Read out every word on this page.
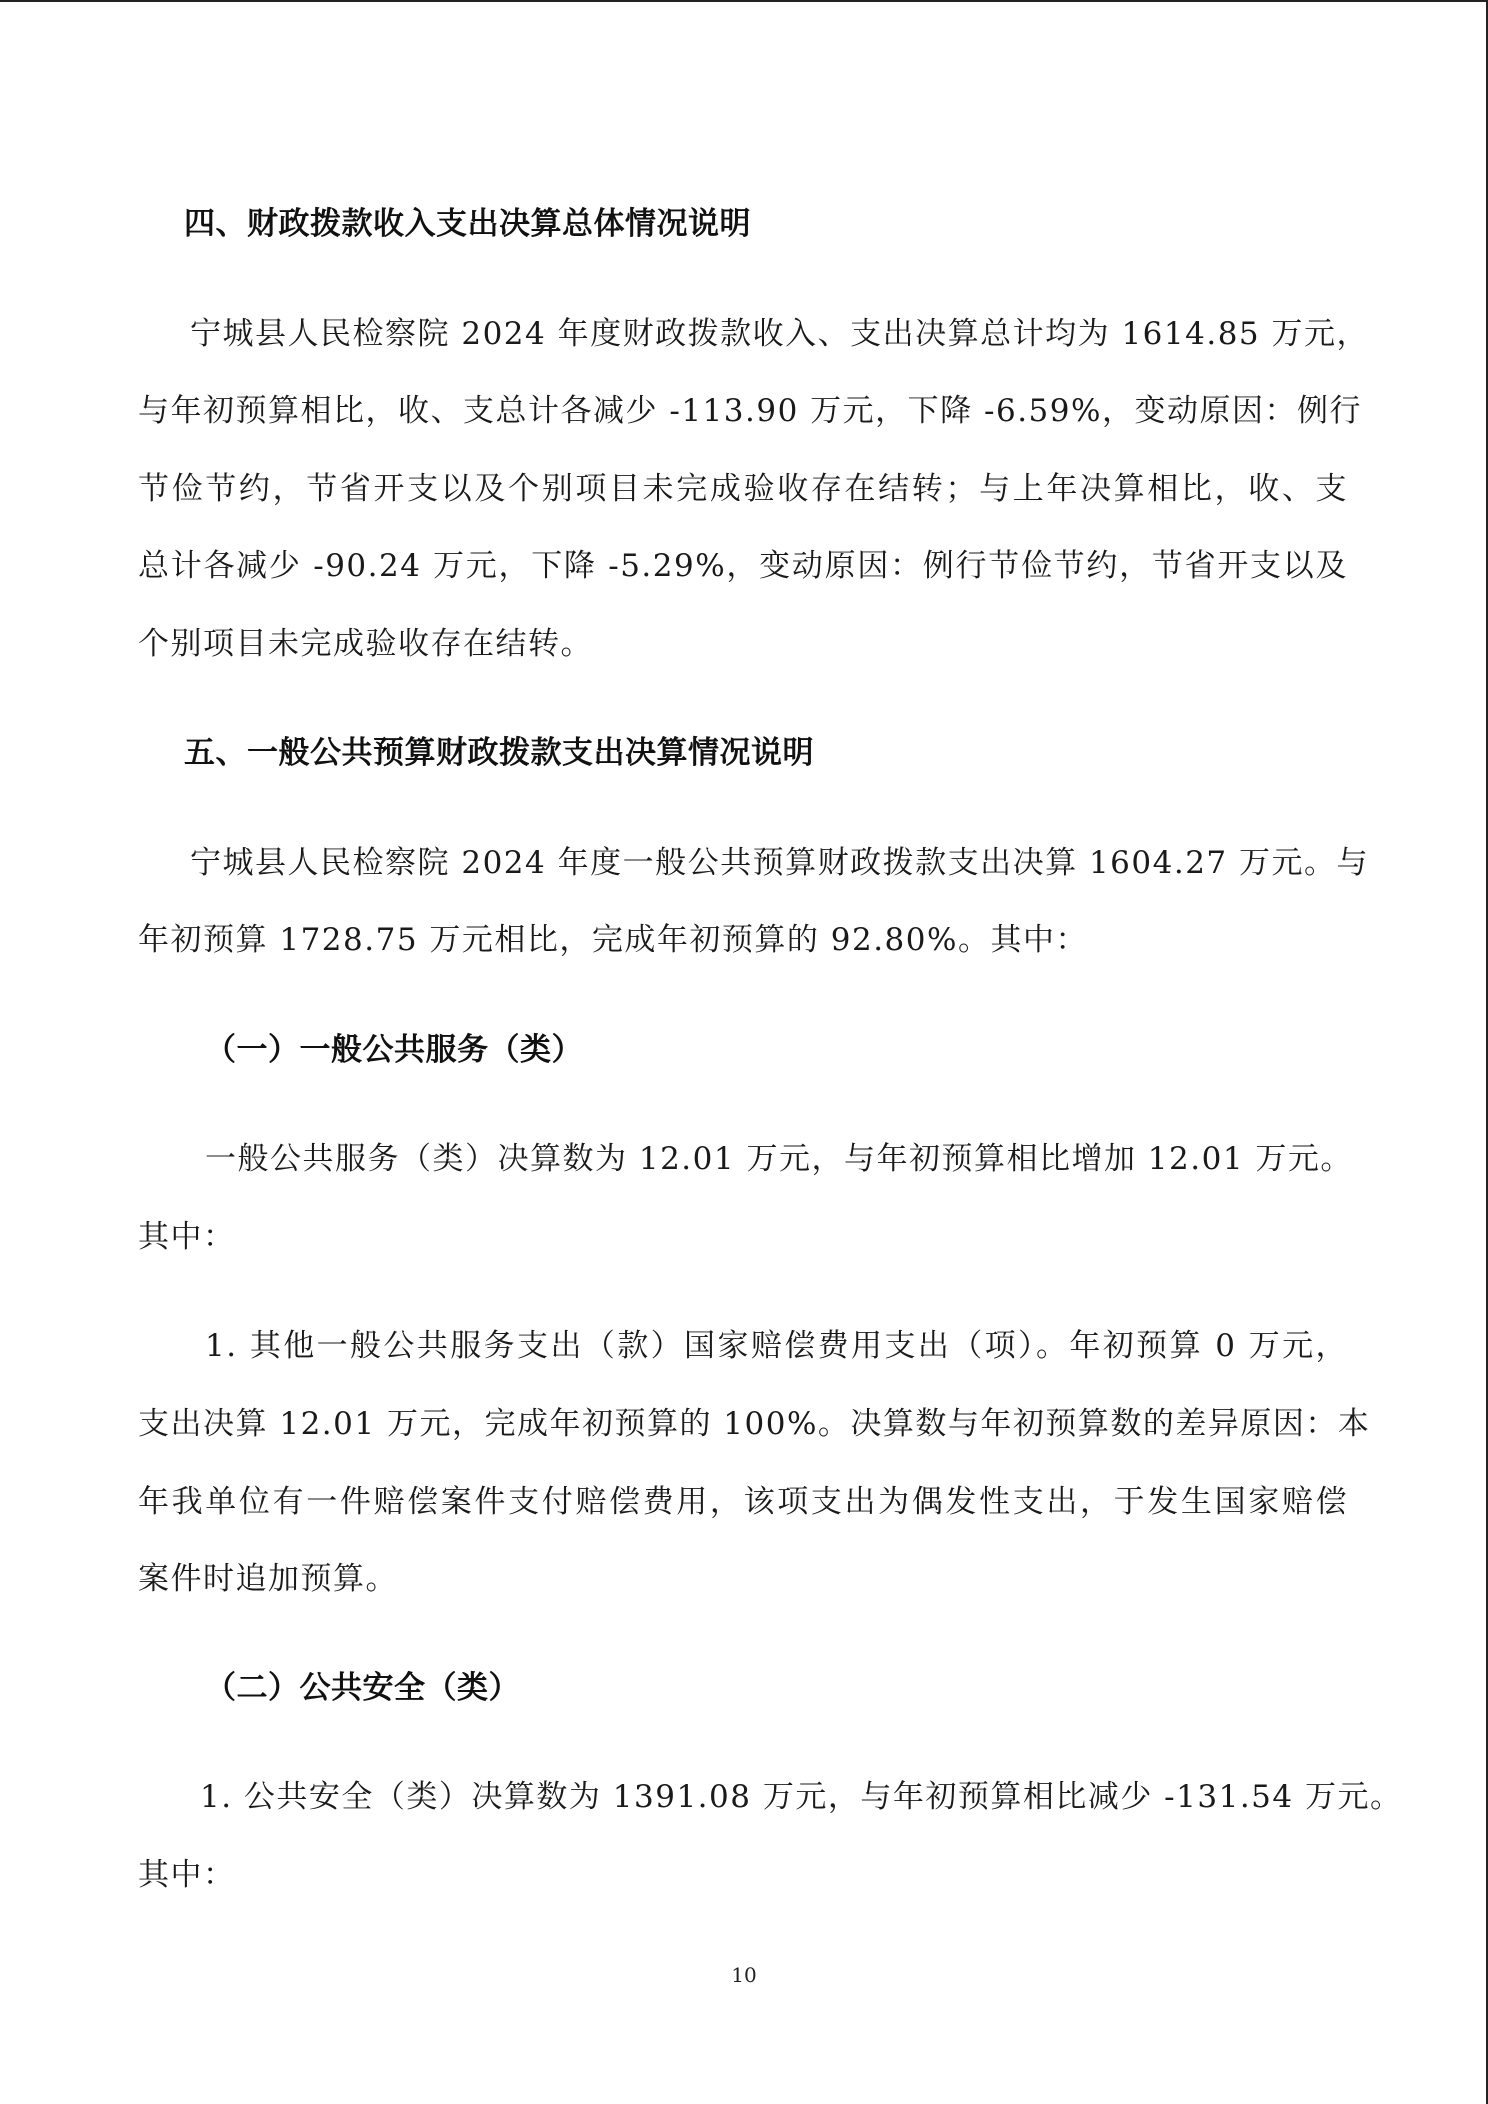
四、财政拨款收入支出决算总体情况说明
宁城县人民检察院 2024 年度财政拨款收入、支出决算总计均为 1614.85 万元，
与年初预算相比，收、支总计各减少 -113.90 万元，下降 -6.59%，变动原因：例行
节俭节约，节省开支以及个别项目未完成验收存在结转；与上年决算相比，收、支
总计各减少 -90.24 万元，下降 -5.29%，变动原因：例行节俭节约，节省开支以及
个别项目未完成验收存在结转。
五、一般公共预算财政拨款支出决算情况说明
宁城县人民检察院 2024 年度一般公共预算财政拨款支出决算 1604.27 万元。与
年初预算 1728.75 万元相比，完成年初预算的 92.80%。其中：
（一）一般公共服务（类）
一般公共服务（类）决算数为 12.01 万元，与年初预算相比增加 12.01 万元。
其中：
1. 其他一般公共服务支出（款）国家赔偿费用支出（项）。年初预算 0 万元，
支出决算 12.01 万元，完成年初预算的 100%。决算数与年初预算数的差异原因：本
年我单位有一件赔偿案件支付赔偿费用，该项支出为偶发性支出，于发生国家赔偿
案件时追加预算。
（二）公共安全（类）
1. 公共安全（类）决算数为 1391.08 万元，与年初预算相比减少 -131.54 万元。
其中：
10
